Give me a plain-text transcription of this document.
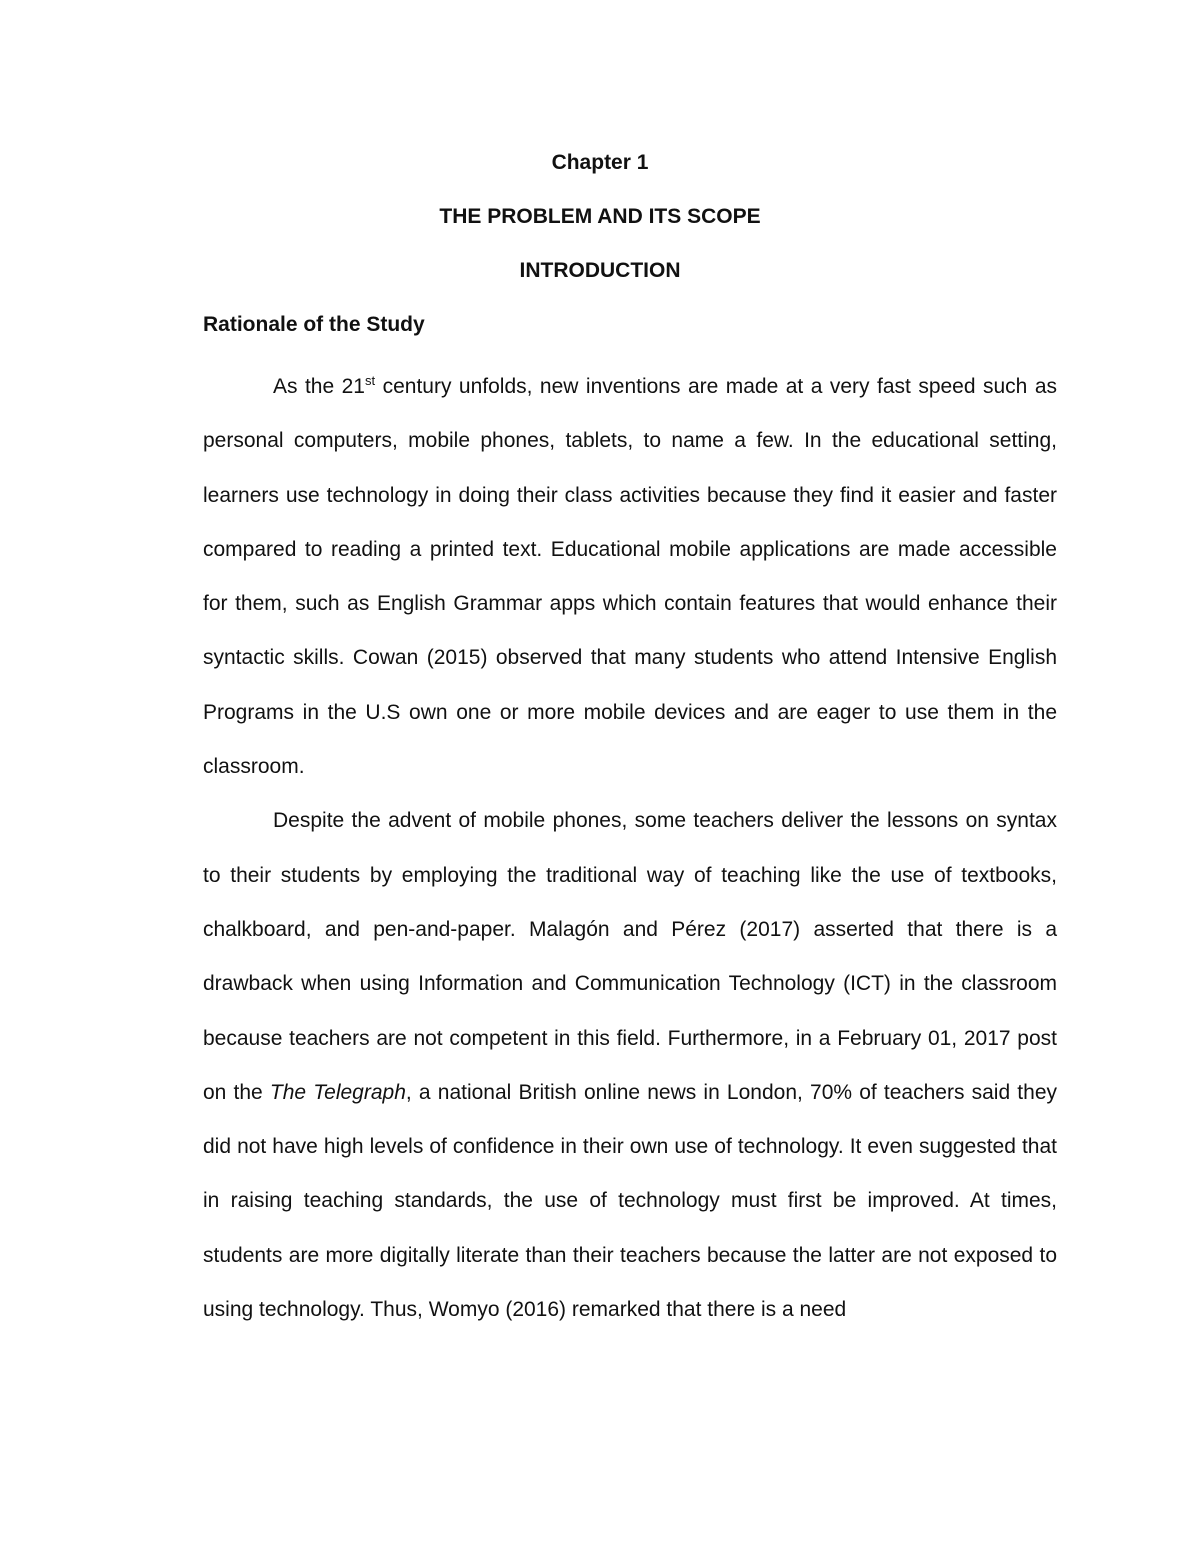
Chapter 1
THE PROBLEM AND ITS SCOPE
INTRODUCTION
Rationale of the Study

As the 21st century unfolds, new inventions are made at a very fast speed such as personal computers, mobile phones, tablets, to name a few. In the educational setting, learners use technology in doing their class activities because they find it easier and faster compared to reading a printed text. Educational mobile applications are made accessible for them, such as English Grammar apps which contain features that would enhance their syntactic skills. Cowan (2015) observed that many students who attend Intensive English Programs in the U.S own one or more mobile devices and are eager to use them in the classroom.

Despite the advent of mobile phones, some teachers deliver the lessons on syntax to their students by employing the traditional way of teaching like the use of textbooks, chalkboard, and pen-and-paper. Malagón and Pérez (2017) asserted that there is a drawback when using Information and Communication Technology (ICT) in the classroom because teachers are not competent in this field. Furthermore, in a February 01, 2017 post on the The Telegraph, a national British online news in London, 70% of teachers said they did not have high levels of confidence in their own use of technology. It even suggested that in raising teaching standards, the use of technology must first be improved. At times, students are more digitally literate than their teachers because the latter are not exposed to using technology. Thus, Womyo (2016) remarked that there is a need
